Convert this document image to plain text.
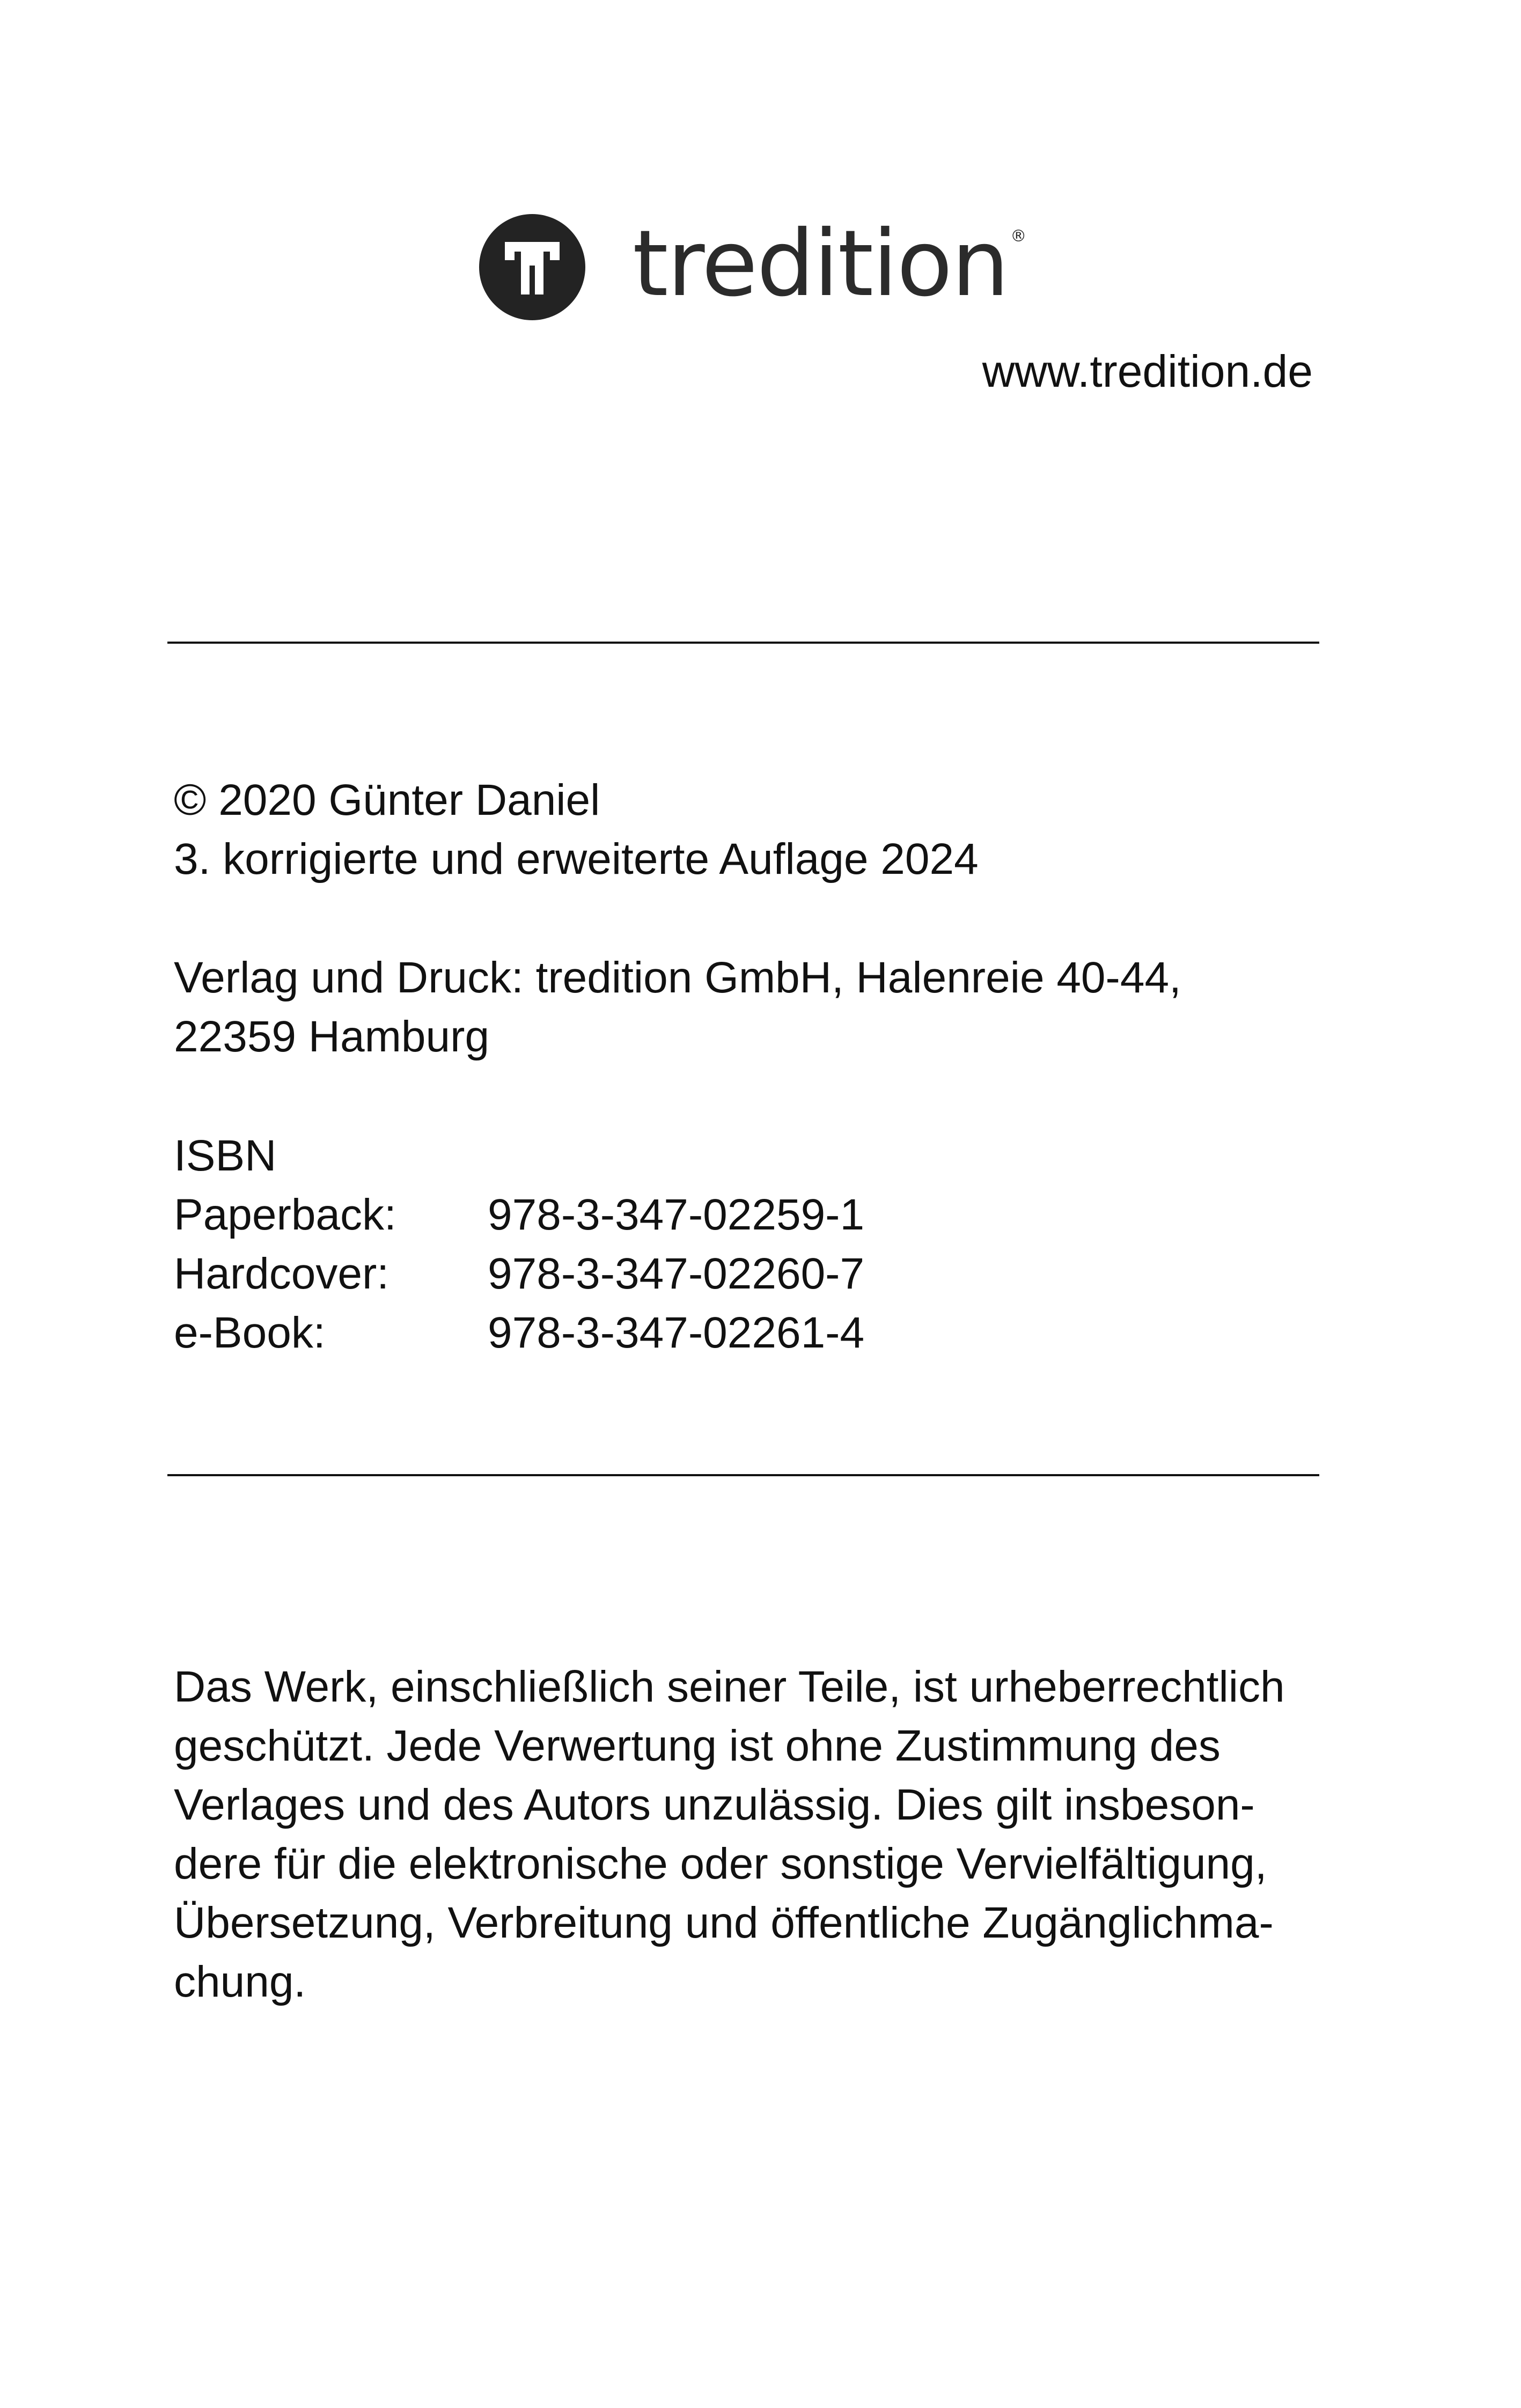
tredition ®
www.tredition.de

© 2020 Günter Daniel

3. korrigierte und erweiterte Auflage 2024

Verlag und Druck: tredition GmbH, Halenreie 40-44,

22359 Hamburg

ISBN

Paperback:	978-3-347-02259-1
Hardcover:	978-3-347-02260-7
e-Book:	978-3-347-02261-4

Das Werk, einschließlich seiner Teile, ist urheberrechtlich

geschützt. Jede Verwertung ist ohne Zustimmung des

Verlages und des Autors unzulässig. Dies gilt insbeson-

dere für die elektronische oder sonstige Vervielfältigung,

Übersetzung, Verbreitung und öffentliche Zugänglichma-

chung.
